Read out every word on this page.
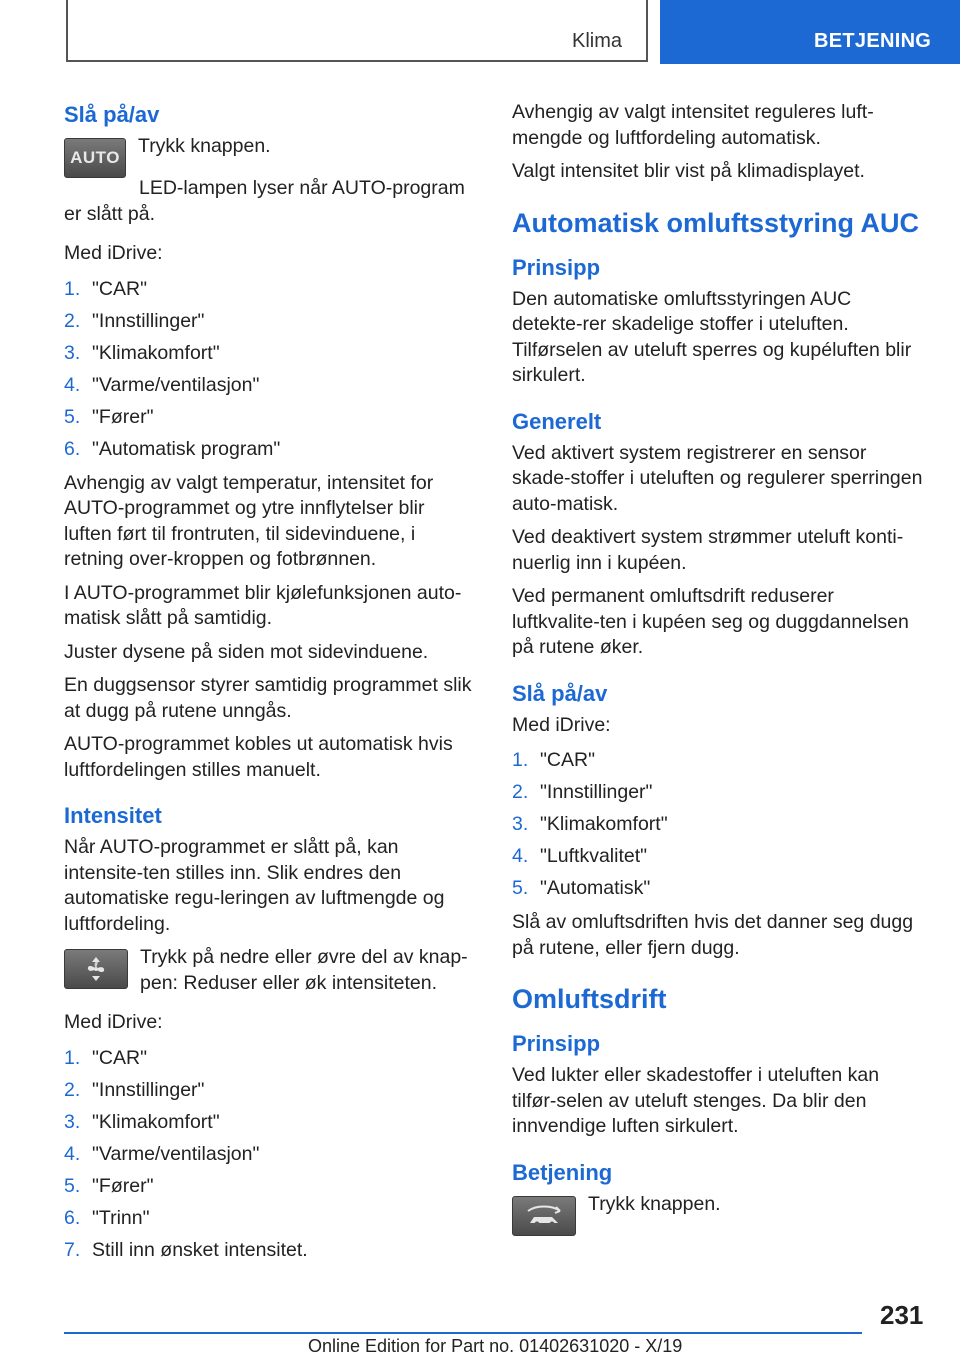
Klima	BETJENING
Slå på/av
AUTO

Trykk knappen.

LED-lampen lyser når AUTO-program er slått på.

Med iDrive:

1. "CAR"
2. "Innstillinger"
3. "Klimakomfort"
4. "Varme/ventilasjon"
5. "Fører"
6. "Automatisk program"

Avhengig av valgt temperatur, intensitet for AUTO-programmet og ytre innflytelser blir luften ført til frontruten, til sidevinduene, i retning over-kroppen og fotbrønnen.

I AUTO-programmet blir kjølefunksjonen auto-matisk slått på samtidig.

Juster dysene på siden mot sidevinduene.

En duggsensor styrer samtidig programmet slik at dugg på rutene unngås.

AUTO-programmet kobles ut automatisk hvis luftfordelingen stilles manuelt.

Intensitet

Når AUTO-programmet er slått på, kan intensite-ten stilles inn. Slik endres den automatiske regu-leringen av luftmengde og luftfordeling.

Trykk på nedre eller øvre del av knap-pen: Reduser eller øk intensiteten.

Med iDrive:

1. "CAR"
2. "Innstillinger"
3. "Klimakomfort"
4. "Varme/ventilasjon"
5. "Fører"
6. "Trinn"
7. Still inn ønsket intensitet.

Avhengig av valgt intensitet reguleres luft-mengde og luftfordeling automatisk.

Valgt intensitet blir vist på klimadisplayet.

Automatisk omluftsstyring AUC
Prinsipp

Den automatiske omluftsstyringen AUC detekte-rer skadelige stoffer i uteluften. Tilførselen av uteluft sperres og kupéluften blir sirkulert.

Generelt

Ved aktivert system registrerer en sensor skade-stoffer i uteluften og regulerer sperringen auto-matisk.

Ved deaktivert system strømmer uteluft konti-nuerlig inn i kupéen.

Ved permanent omluftsdrift reduserer luftkvalite-ten i kupéen seg og duggdannelsen på rutene øker.

Slå på/av

Med iDrive:

1. "CAR"
2. "Innstillinger"
3. "Klimakomfort"
4. "Luftkvalitet"
5. "Automatisk"

Slå av omluftsdriften hvis det danner seg dugg på rutene, eller fjern dugg.

Omluftsdrift
Prinsipp

Ved lukter eller skadestoffer i uteluften kan tilfør-selen av uteluft stenges. Da blir den innvendige luften sirkulert.

Betjening

Trykk knappen.

231
Online Edition for Part no. 01402631020 - X/19
